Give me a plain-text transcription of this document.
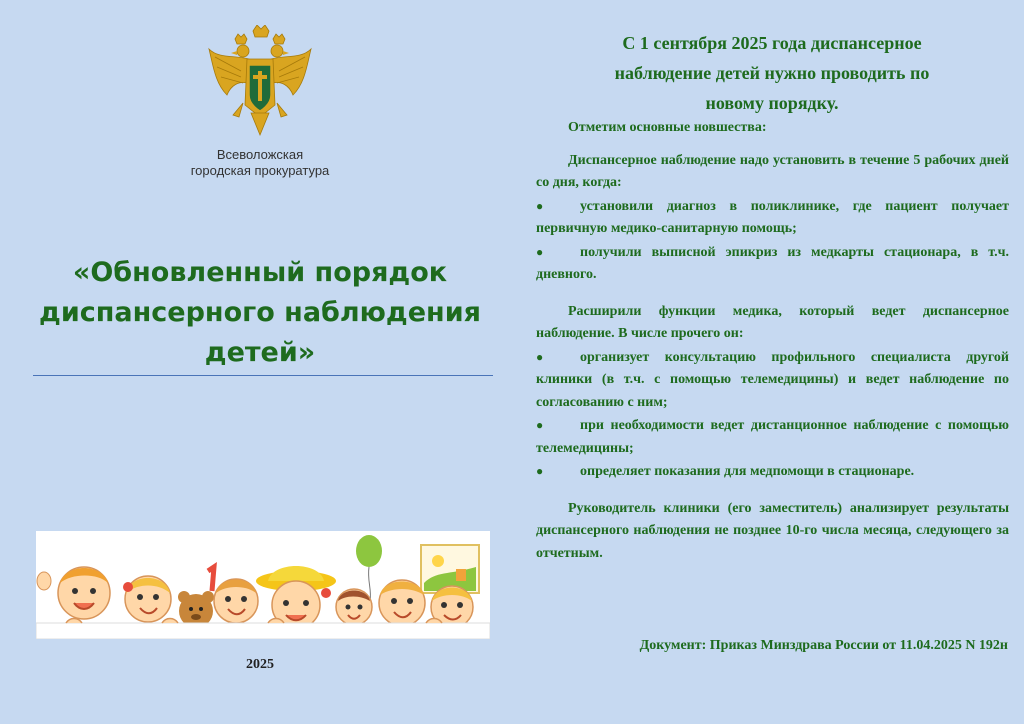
Всеволожская
городская прокуратура
«Обновленный порядок
диспансерного наблюдения
детей»
2025
С 1 сентября 2025 года диспансерное
наблюдение детей нужно проводить по
новому порядку.

Отметим основные новшества:

Диспансерное наблюдение надо установить в течение 5 рабочих дней со дня, когда:

●	установили диагноз в поликлинике, где пациент получает первичную медико-санитарную помощь;
●	получили выписной эпикриз из медкарты стационара, в т.ч. дневного.

Расширили функции медика, который ведет диспансерное наблюдение. В числе прочего он:

●	организует консультацию профильного специалиста другой клиники (в т.ч. с помощью телемедицины) и ведет наблюдение по согласованию с ним;
●	при необходимости ведет дистанционное наблюдение с помощью телемедицины;
●	определяет показания для медпомощи в стационаре.

Руководитель клиники (его заместитель) анализирует результаты диспансерного наблюдения не позднее 10-го числа месяца, следующего за отчетным.

Документ: Приказ Минздрава России от 11.04.2025 N 192н
